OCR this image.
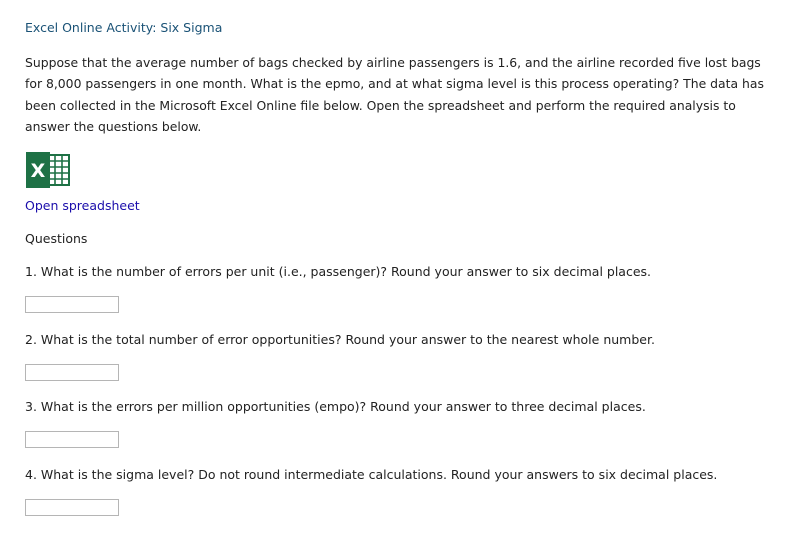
Excel Online Activity: Six Sigma
Suppose that the average number of bags checked by airline passengers is 1.6, and the airline recorded five lost bags for 8,000 passengers in one month. What is the epmo, and at what sigma level is this process operating? The data has been collected in the Microsoft Excel Online file below. Open the spreadsheet and perform the required analysis to answer the questions below.
X
Open spreadsheet
Questions
1. What is the number of errors per unit (i.e., passenger)? Round your answer to six decimal places.
2. What is the total number of error opportunities? Round your answer to the nearest whole number.
3. What is the errors per million opportunities (empo)? Round your answer to three decimal places.
4. What is the sigma level? Do not round intermediate calculations. Round your answers to six decimal places.
